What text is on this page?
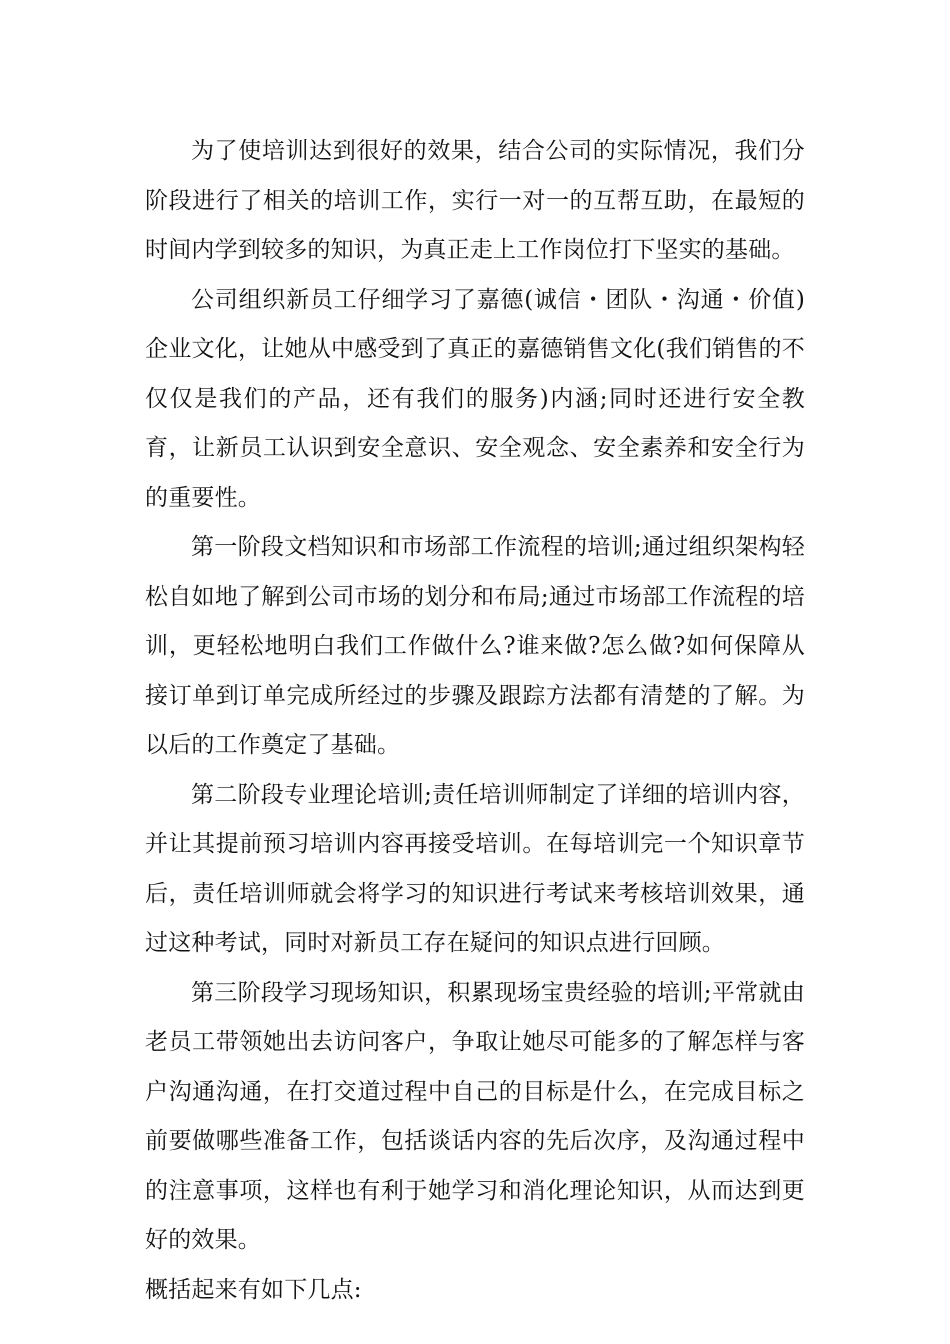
为了使培训达到很好的效果，结合公司的实际情况，我们分阶段进行了相关的培训工作，实行一对一的互帮互助，在最短的时间内学到较多的知识，为真正走上工作岗位打下坚实的基础。

公司组织新员工仔细学习了嘉德(诚信・团队・沟通・价值)企业文化，让她从中感受到了真正的嘉德销售文化(我们销售的不仅仅是我们的产品，还有我们的服务)内涵;同时还进行安全教育，让新员工认识到安全意识、安全观念、安全素养和安全行为的重要性。

第一阶段文档知识和市场部工作流程的培训;通过组织架构轻松自如地了解到公司市场的划分和布局;通过市场部工作流程的培训，更轻松地明白我们工作做什么?谁来做?怎么做?如何保障从接订单到订单完成所经过的步骤及跟踪方法都有清楚的了解。为以后的工作奠定了基础。

第二阶段专业理论培训;责任培训师制定了详细的培训内容，并让其提前预习培训内容再接受培训。在每培训完一个知识章节后，责任培训师就会将学习的知识进行考试来考核培训效果，通过这种考试，同时对新员工存在疑问的知识点进行回顾。

第三阶段学习现场知识，积累现场宝贵经验的培训;平常就由老员工带领她出去访问客户，争取让她尽可能多的了解怎样与客户沟通沟通，在打交道过程中自己的目标是什么，在完成目标之前要做哪些准备工作，包括谈话内容的先后次序，及沟通过程中的注意事项，这样也有利于她学习和消化理论知识，从而达到更好的效果。

概括起来有如下几点:
